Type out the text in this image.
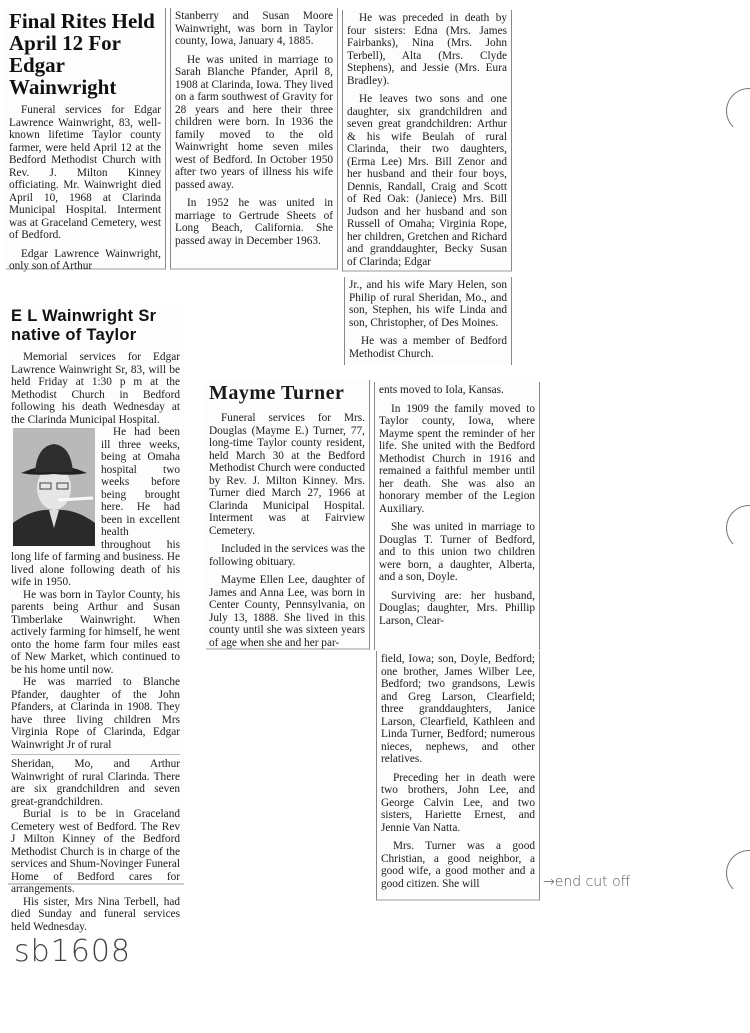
Final Rites Held April 12 For Edgar Wainwright

Funeral services for Edgar Lawrence Wainwright, 83, well-known lifetime Taylor county farmer, were held April 12 at the Bedford Methodist Church with Rev. J. Milton Kinney officiating. Mr. Wainwright died April 10, 1968 at Clarinda Municipal Hospital. Interment was at Graceland Cemetery, west of Bedford.

Edgar Lawrence Wainwright, only son of Arthur

Stanberry and Susan Moore Wainwright, was born in Taylor county, Iowa, January 4, 1885.

He was united in marriage to Sarah Blanche Pfander, April 8, 1908 at Clarinda, Iowa. They lived on a farm southwest of Gravity for 28 years and here their three children were born. In 1936 the family moved to the old Wainwright home seven miles west of Bedford. In October 1950 after two years of illness his wife passed away.

In 1952 he was united in marriage to Gertrude Sheets of Long Beach, California. She passed away in December 1963.

He was preceded in death by four sisters: Edna (Mrs. James Fairbanks), Nina (Mrs. John Terbell), Alta (Mrs. Clyde Stephens), and Jessie (Mrs. Eura Bradley).

He leaves two sons and one daughter, six grandchildren and seven great grandchildren: Arthur & his wife Beulah of rural Clarinda, their two daughters, (Erma Lee) Mrs. Bill Zenor and her husband and their four boys, Dennis, Randall, Craig and Scott of Red Oak: (Janiece) Mrs. Bill Judson and her husband and son Russell of Omaha; Virginia Rope, her children, Gretchen and Richard and granddaughter, Becky Susan of Clarinda; Edgar

Jr., and his wife Mary Helen, son Philip of rural Sheridan, Mo., and son, Stephen, his wife Linda and son, Christopher, of Des Moines.

He was a member of Bedford Methodist Church.

E L Wainwright Sr native of Taylor

Memorial services for Edgar Lawrence Wainwright Sr, 83, will be held Friday at 1:30 p m at the Methodist Church in Bedford following his death Wednesday at the Clarinda Municipal Hospital.

He had been ill three weeks, being at Omaha hospital two weeks before being brought here. He had been in excellent health throughout his long life of farming and business. He lived alone following death of his wife in 1950.

He was born in Taylor County, his parents being Arthur and Susan Timberlake Wainwright. When actively farming for himself, he went onto the home farm four miles east of New Market, which continued to be his home until now.

He was married to Blanche Pfander, daughter of the John Pfanders, at Clarinda in 1908. They have three living children Mrs Virginia Rope of Clarinda, Edgar Wainwright Jr of rural

Sheridan, Mo, and Arthur Wainwright of rural Clarinda. There are six grandchildren and seven great-grandchildren.

Burial is to be in Graceland Cemetery west of Bedford. The Rev J Milton Kinney of the Bedford Methodist Church is in charge of the services and Shum-Novinger Funeral Home of Bedford cares for arrangements.

His sister, Mrs Nina Terbell, had died Sunday and funeral services held Wednesday.

Mayme Turner

Funeral services for Mrs. Douglas (Mayme E.) Turner, 77, long-time Taylor county resident, held March 30 at the Bedford Methodist Church were conducted by Rev. J. Milton Kinney. Mrs. Turner died March 27, 1966 at Clarinda Municipal Hospital. Interment was at Fairview Cemetery.

Included in the services was the following obituary.

Mayme Ellen Lee, daughter of James and Anna Lee, was born in Center County, Pennsylvania, on July 13, 1888. She lived in this county until she was sixteen years of age when she and her par-

ents moved to Iola, Kansas.

In 1909 the family moved to Taylor county, Iowa, where Mayme spent the reminder of her life. She united with the Bedford Methodist Church in 1916 and remained a faithful member until her death. She was also an honorary member of the Legion Auxiliary.

She was united in marriage to Douglas T. Turner of Bedford, and to this union two children were born, a daughter, Alberta, and a son, Doyle.

Surviving are: her husband, Douglas; daughter, Mrs. Phillip Larson, Clear-

field, Iowa; son, Doyle, Bedford; one brother, James Wilber Lee, Bedford; two grandsons, Lewis and Greg Larson, Clearfield; three granddaughters, Janice Larson, Clearfield, Kathleen and Linda Turner, Bedford; numerous nieces, nephews, and other relatives.

Preceding her in death were two brothers, John Lee, and George Calvin Lee, and two sisters, Hariette Ernest, and Jennie Van Natta.

Mrs. Turner was a good Christian, a good neighbor, a good wife, a good mother and a good citizen. She will	→end cut off
sb1608
